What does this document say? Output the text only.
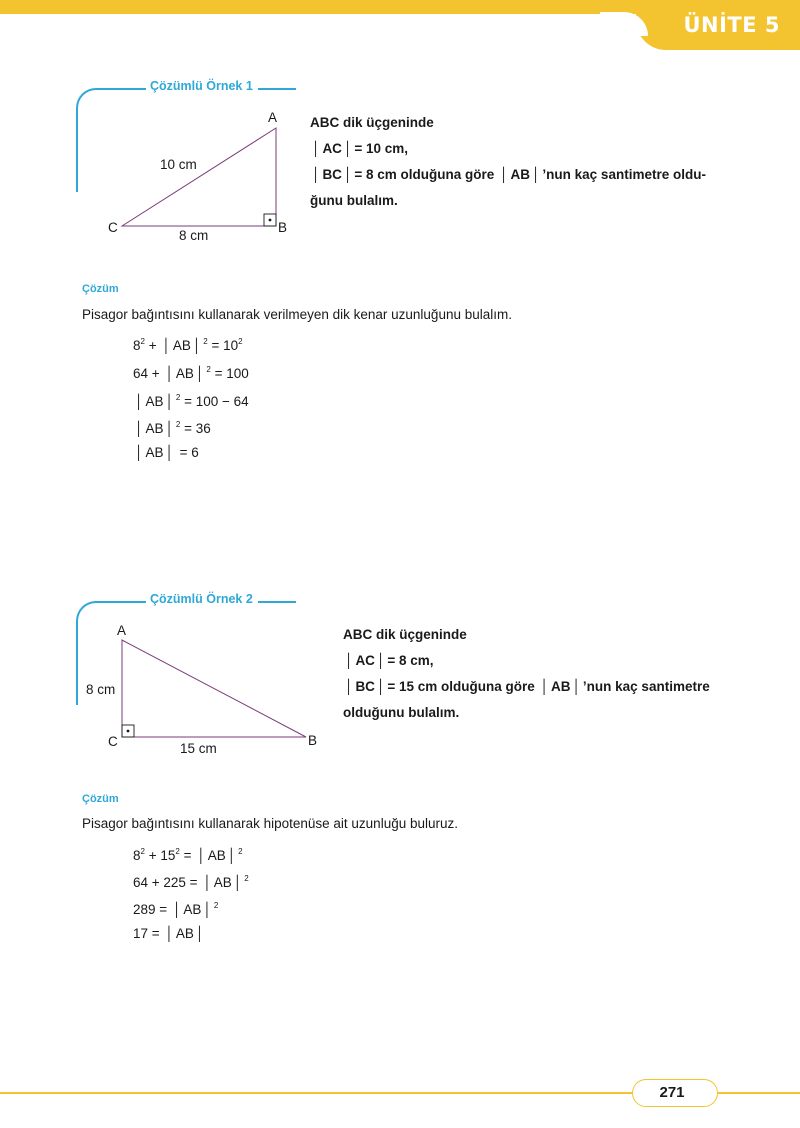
ÜNİTE 5
Çözümlü Örnek 1
A
B
C
10 cm
8 cm
ABC dik üçgeninde
│ AC │ = 10 cm,
│ BC │ = 8 cm olduğuna göre │ AB │ ’nun kaç santimetre oldu-
ğunu bulalım.
Çözüm
Pisagor bağıntısını kullanarak verilmeyen dik kenar uzunluğunu bulalım.
$8^2$ + │ AB │ $^2 = 10^2$
64 + │ AB │ $^2$ = 100
│ AB │ $^2$ = 100 − 64
│ AB │ $^2$ = 36
│ AB │ = 6
Çözümlü Örnek 2
A
B
C
8 cm
15 cm
ABC dik üçgeninde
│ AC │ = 8 cm,
│ BC │ = 15 cm olduğuna göre │ AB │ ’nun kaç santimetre
olduğunu bulalım.
Çözüm
Pisagor bağıntısını kullanarak hipotenüse ait uzunluğu buluruz.
$8^2 + 15^2$ = │ AB │ $^2$
64 + 225 = │ AB │ $^2$
289 = │ AB │ $^2$
17 = │ AB │
271
